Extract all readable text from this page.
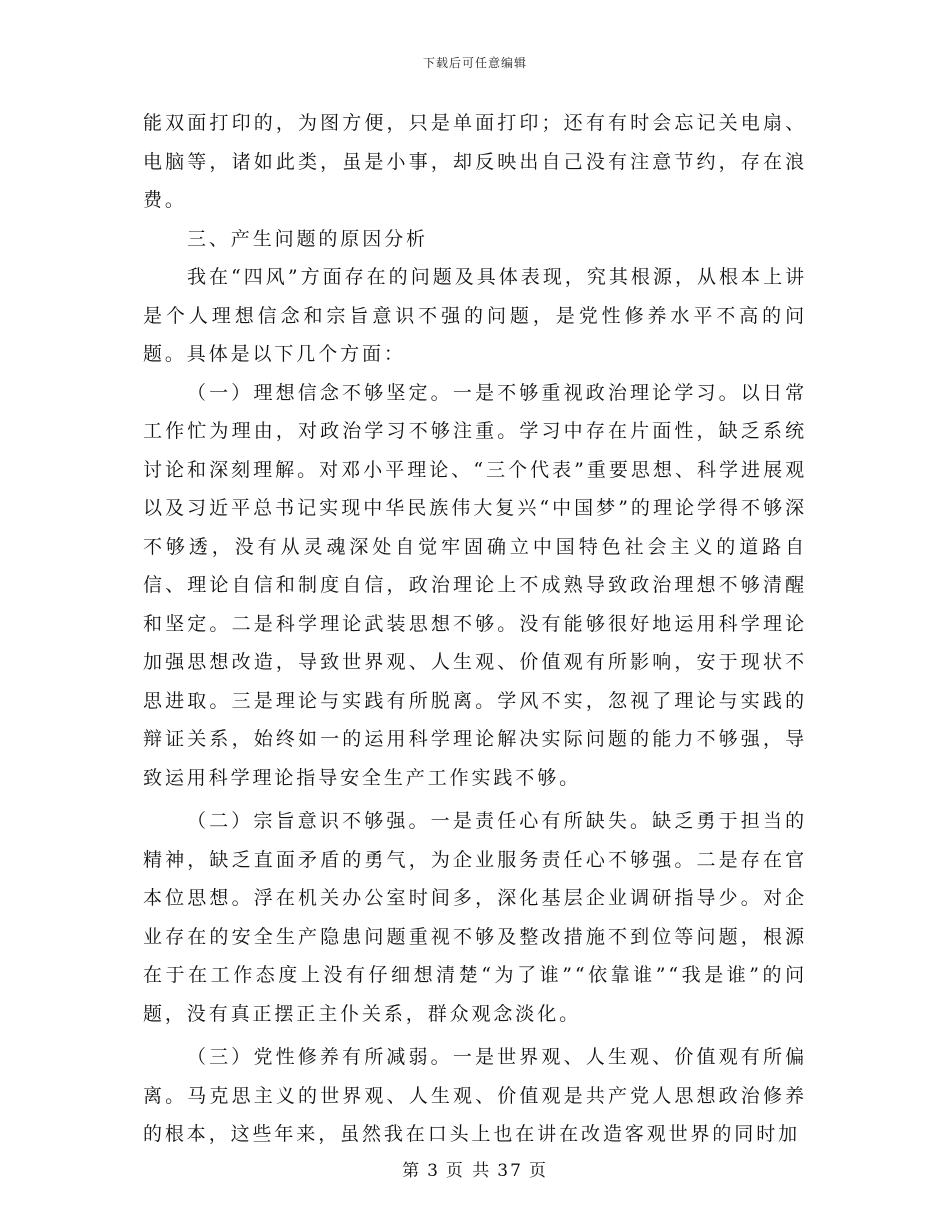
下载后可任意编辑

能双面打印的，为图方便，只是单面打印；还有有时会忘记关电扇、电脑等，诸如此类，虽是小事，却反映出自己没有注意节约，存在浪费。

三、产生问题的原因分析

我在“四风”方面存在的问题及具体表现，究其根源，从根本上讲是个人理想信念和宗旨意识不强的问题，是党性修养水平不高的问题。具体是以下几个方面：

（一）理想信念不够坚定。一是不够重视政治理论学习。以日常工作忙为理由，对政治学习不够注重。学习中存在片面性，缺乏系统讨论和深刻理解。对邓小平理论、“三个代表”重要思想、科学进展观以及习近平总书记实现中华民族伟大复兴“中国梦”的理论学得不够深不够透，没有从灵魂深处自觉牢固确立中国特色社会主义的道路自信、理论自信和制度自信，政治理论上不成熟导致政治理想不够清醒和坚定。二是科学理论武装思想不够。没有能够很好地运用科学理论加强思想改造，导致世界观、人生观、价值观有所影响，安于现状不思进取。三是理论与实践有所脱离。学风不实，忽视了理论与实践的辩证关系，始终如一的运用科学理论解决实际问题的能力不够强，导致运用科学理论指导安全生产工作实践不够。

（二）宗旨意识不够强。一是责任心有所缺失。缺乏勇于担当的精神，缺乏直面矛盾的勇气，为企业服务责任心不够强。二是存在官本位思想。浮在机关办公室时间多，深化基层企业调研指导少。对企业存在的安全生产隐患问题重视不够及整改措施不到位等问题，根源在于在工作态度上没有仔细想清楚“为了谁”“依靠谁”“我是谁”的问题，没有真正摆正主仆关系，群众观念淡化。

（三）党性修养有所减弱。一是世界观、人生观、价值观有所偏离。马克思主义的世界观、人生观、价值观是共产党人思想政治修养的根本，这些年来，虽然我在口头上也在讲在改造客观世界的同时加

第 3 页 共 37 页
